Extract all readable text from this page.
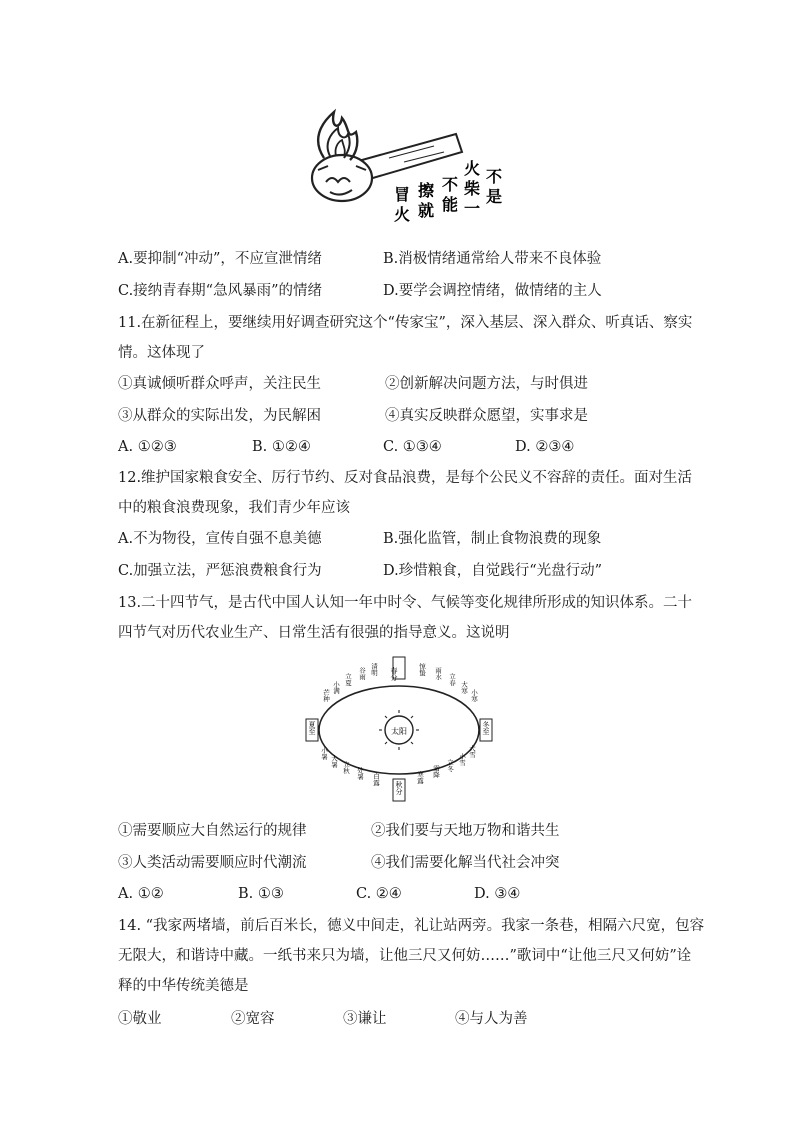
不
是
火
柴
一
不
能
擦
就
冒
火
A.要抑制“冲动”，不应宣泄情绪	B.消极情绪通常给人带来不良体验
C.接纳青春期“急风暴雨”的情绪	D.要学会调控情绪，做情绪的主人
11.在新征程上，要继续用好调查研究这个“传家宝”，深入基层、深入群众、听真话、察实
情。这体现了
①真诚倾听群众呼声，关注民生	②创新解决问题方法，与时俱进
③从群众的实际出发，为民解困	④真实反映群众愿望，实事求是
A. ①②③	B. ①②④	C. ①③④	D. ②③④
12.维护国家粮食安全、厉行节约、反对食品浪费，是每个公民义不容辞的责任。面对生活
中的粮食浪费现象，我们青少年应该
A.不为物役，宣传自强不息美德	B.强化监管，制止食物浪费的现象
C.加强立法，严惩浪费粮食行为	D.珍惜粮食，自觉践行“光盘行动”
13.二十四节气，是古代中国人认知一年中时令、气候等变化规律所形成的知识体系。二十
四节气对历代农业生产、日常生活有很强的指导意义。这说明
太阳
春分
冬至
秋分
夏至
清明
谷雨
立夏
小满
芒种
小暑
大暑 立秋 处暑 白露	寒露 霜降 立冬 小雪
大雪
小寒
大寒
立春
雨水
惊蛰
①需要顺应大自然运行的规律	②我们要与天地万物和谐共生
③人类活动需要顺应时代潮流	④我们需要化解当代社会冲突
A. ①②	B. ①③	C. ②④	D. ③④
14. “我家两堵墙，前后百米长，德义中间走，礼让站两旁。我家一条巷，相隔六尺宽，包容
无限大，和谐诗中藏。一纸书来只为墙，让他三尺又何妨……”歌词中“让他三尺又何妨”诠
释的中华传统美德是
①敬业	②宽容	③谦让	④与人为善
